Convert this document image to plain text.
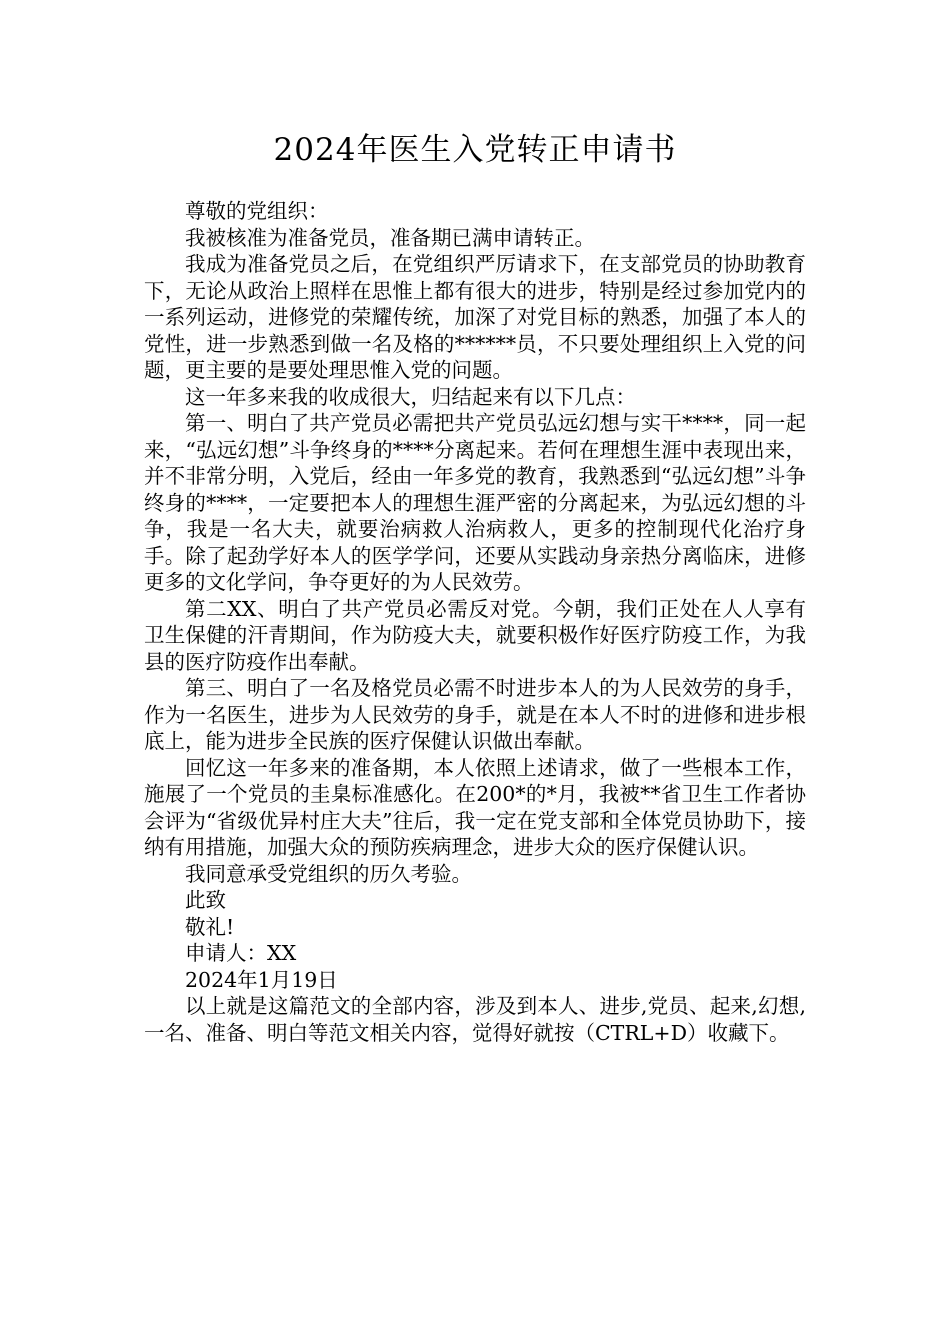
2024年医生入党转正申请书

尊敬的党组织：

我被核准为准备党员，准备期已满申请转正。

我成为准备党员之后，在党组织严厉请求下，在支部党员的协助教育下，无论从政治上照样在思惟上都有很大的进步，特别是经过参加党内的一系列运动，进修党的荣耀传统，加深了对党目标的熟悉，加强了本人的党性，进一步熟悉到做一名及格的******员，不只要处理组织上入党的问题，更主要的是要处理思惟入党的问题。

这一年多来我的收成很大，归结起来有以下几点：

第一、明白了共产党员必需把共产党员弘远幻想与实干****，同一起来，“弘远幻想”斗争终身的****分离起来。若何在理想生涯中表现出来，并不非常分明，入党后，经由一年多党的教育，我熟悉到“弘远幻想”斗争终身的****，一定要把本人的理想生涯严密的分离起来，为弘远幻想的斗争，我是一名大夫，就要治病救人治病救人，更多的控制现代化治疗身手。除了起劲学好本人的医学学问，还要从实践动身亲热分离临床，进修更多的文化学问，争夺更好的为人民效劳。

第二XX、明白了共产党员必需反对党。今朝，我们正处在人人享有卫生保健的汗青期间，作为防疫大夫，就要积极作好医疗防疫工作，为我县的医疗防疫作出奉献。

第三、明白了一名及格党员必需不时进步本人的为人民效劳的身手，作为一名医生，进步为人民效劳的身手，就是在本人不时的进修和进步根底上，能为进步全民族的医疗保健认识做出奉献。

回忆这一年多来的准备期，本人依照上述请求，做了一些根本工作，施展了一个党员的圭臬标准感化。在200*的*月，我被**省卫生工作者协会评为“省级优异村庄大夫”往后，我一定在党支部和全体党员协助下，接纳有用措施，加强大众的预防疾病理念，进步大众的医疗保健认识。

我同意承受党组织的历久考验。

此致

敬礼!

申请人：XX

2024年1月19日

以上就是这篇范文的全部内容，涉及到本人、进步,党员、起来,幻想,一名、准备、明白等范文相关内容，觉得好就按（CTRL+D）收藏下。
